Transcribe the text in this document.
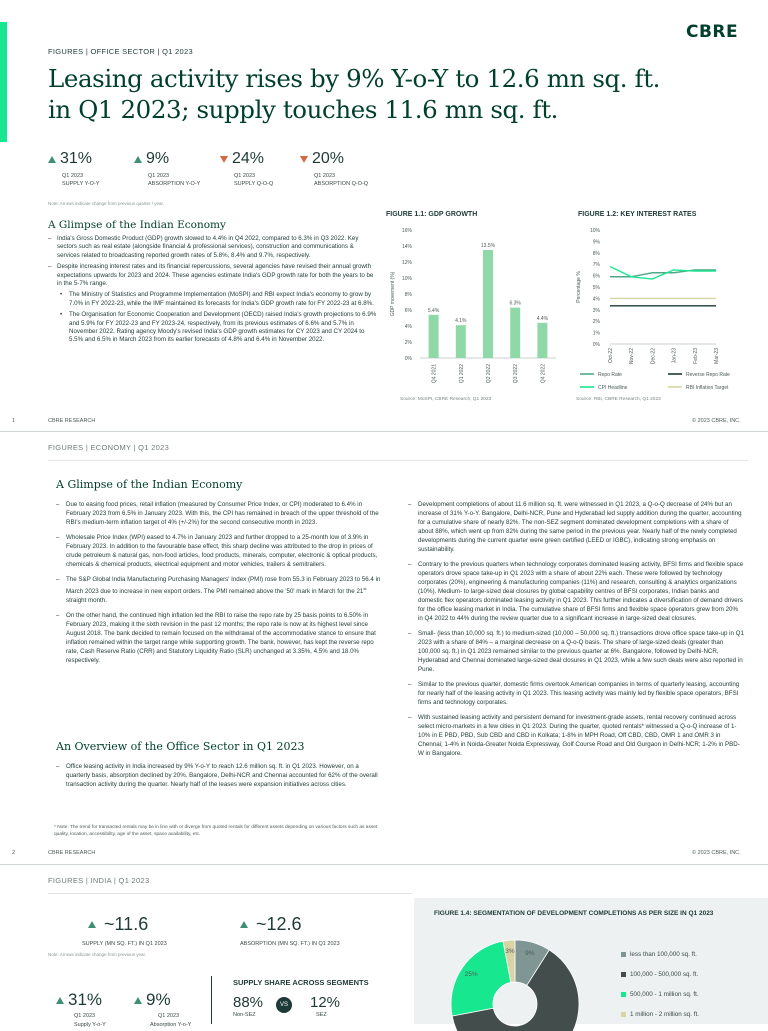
FIGURES | OFFICE SECTOR | Q1 2023
CBRE
Leasing activity rises by 9% Y-o-Y to 12.6 mn sq. ft.
in Q1 2023; supply touches 11.6 mn sq. ft.
31%
Q1 2023
SUPPLY Y-O-Y
9%
Q1 2023
ABSORPTION Y-O-Y
24%
Q1 2023
SUPPLY Q-O-Q
20%
Q1 2023
ABSORPTION Q-O-Q
Note: Arrows indicate change from previous quarter / year.
A Glimpse of the Indian Economy
– India's Gross Domestic Product (GDP) growth slowed to 4.4% in Q4 2022, compared to 6.3% in Q3 2022. Key sectors such as real estate (alongside financial & professional services), construction and communications & services related to broadcasting reported growth rates of 5.8%, 8.4% and 9.7%, respectively.
– Despite increasing interest rates and its financial repercussions, several agencies have revised their annual growth expectations upwards for 2023 and 2024. These agencies estimate India's GDP growth rate for both the years to be in the 5-7% range.
• The Ministry of Statistics and Programme Implementation (MoSPI) and RBI expect India's economy to grow by 7.0% in FY 2022-23, while the IMF maintained its forecasts for India's GDP growth rate for FY 2022-23 at 6.8%.
• The Organisation for Economic Cooperation and Development (OECD) raised India's growth projections to 6.9% and 5.9% for FY 2022-23 and FY 2023-24, respectively, from its previous estimates of 6.6% and 5.7% in November 2022. Rating agency Moody's revised India's GDP growth estimates for CY 2023 and CY 2024 to 5.5% and 6.5% in March 2023 from its earlier forecasts of 4.8% and 6.4% in November 2022.
FIGURE 1.1: GDP GROWTH
0%
2%
4%
6%
8%
10%
12%
14%
16%
GDP movement (%)	5.4%
Q4 2021
4.1%
Q1 2022
13.5%
Q2 2022
6.3%
Q3 2022
4.4%
Q4 2022
Source: MoSPI, CBRE Research, Q1 2023
FIGURE 1.2: KEY INTEREST RATES
0%
1%
2%
3%
4%
5%
6%
7%
8%
9%
10%
Percentage %
Oct-22	Nov-22	Dec-22	Jan-23	Feb-23	Mar-23
Repo Rate	Reverse Repo Rate
CPI Headline	RBI Inflation Target
Source: RBI, CBRE Research, Q1 2023
1	CBRE RESEARCH	© 2023 CBRE, INC.
FIGURES | ECONOMY | Q1 2023
A Glimpse of the Indian Economy
– Due to easing food prices, retail inflation (measured by Consumer Price Index, or CPI) moderated to 6.4% in February 2023 from 6.5% in January 2023. With this, the CPI has remained in breach of the upper threshold of the RBI's medium-term inflation target of 4% (+/-2%) for the second consecutive month in 2023.
– Wholesale Price Index (WPI) eased to 4.7% in January 2023 and further dropped to a 25-month low of 3.9% in February 2023. In addition to the favourable base effect, this sharp decline was attributed to the drop in prices of crude petroleum & natural gas, non-food articles, food products, minerals, computer, electronic & optical products, chemicals & chemical products, electrical equipment and motor vehicles, trailers & semitrailers.
– The S&P Global India Manufacturing Purchasing Managers' Index (PMI) rose from 55.3 in February 2023 to 56.4 in March 2023 due to increase in new export orders. The PMI remained above the '50' mark in March for the 21st straight month.
– On the other hand, the continued high inflation led the RBI to raise the repo rate by 25 basis points to 6.50% in February 2023, making it the sixth revision in the past 12 months; the repo rate is now at its highest level since August 2018. The bank decided to remain focused on the withdrawal of the accommodative stance to ensure that inflation remained within the target range while supporting growth. The bank, however, has kept the reverse repo rate, Cash Reserve Ratio (CRR) and Statutory Liquidity Ratio (SLR) unchanged at 3.35%, 4.5% and 18.0% respectively.
An Overview of the Office Sector in Q1 2023
– Office leasing activity in India increased by 9% Y-o-Y to reach 12.6 million sq. ft. in Q1 2023. However, on a quarterly basis, absorption declined by 20%. Bangalore, Delhi-NCR and Chennai accounted for 62% of the overall transaction activity during the quarter. Nearly half of the leases were expansion initiatives across cities.
– Development completions of about 11.6 million sq. ft. were witnessed in Q1 2023, a Q-o-Q decrease of 24% but an increase of 31% Y-o-Y. Bangalore, Delhi-NCR, Pune and Hyderabad led supply addition during the quarter, accounting for a cumulative share of nearly 82%. The non-SEZ segment dominated development completions with a share of about 88%, which went up from 82% during the same period in the previous year. Nearly half of the newly completed developments during the current quarter were green certified (LEED or IGBC), indicating strong emphasis on sustainability.
– Contrary to the previous quarters when technology corporates dominated leasing activity, BFSI firms and flexible space operators drove space take-up in Q1 2023 with a share of about 22% each. These were followed by technology corporates (20%), engineering & manufacturing companies (11%) and research, consulting & analytics organizations (10%). Medium- to large-sized deal closures by global capability centres of BFSI corporates, Indian banks and domestic flex operators dominated leasing activity in Q1 2023. This further indicates a diversification of demand drivers for the office leasing market in India. The cumulative share of BFSI firms and flexible space operators grew from 20% in Q4 2022 to 44% during the review quarter due to a significant increase in large-sized deal closures.
– Small- (less than 10,000 sq. ft.) to medium-sized (10,000 – 50,000 sq. ft.) transactions drove office space take-up in Q1 2023 with a share of 84% – a marginal decrease on a Q-o-Q basis. The share of large-sized deals (greater than 100,000 sq. ft.) in Q1 2023 remained similar to the previous quarter at 6%. Bangalore, followed by Delhi-NCR, Hyderabad and Chennai dominated large-sized deal closures in Q1 2023, while a few such deals were also reported in Pune.
– Similar to the previous quarter, domestic firms overtook American companies in terms of quarterly leasing, accounting for nearly half of the leasing activity in Q1 2023. This leasing activity was mainly led by flexible space operators, BFSI firms and technology corporates.
– With sustained leasing activity and persistent demand for investment-grade assets, rental recovery continued across select micro-markets in a few cities in Q1 2023. During the quarter, quoted rentals* witnessed a Q-o-Q increase of 1-10% in E PBD, PBD, Sub CBD and CBD in Kolkata; 1-8% in MPH Road, Off CBD, CBD, OMR 1 and OMR 3 in Chennai; 1-4% in Noida-Greater Noida Expressway, Golf Course Road and Old Gurgaon in Delhi-NCR; 1-2% in PBD-W in Bangalore.
* Note: The trend for transacted rentals may be in line with or diverge from quoted rentals for different assets depending on various factors such as asset quality, location, accessibility, age of the asset, space availability, etc.
2	CBRE RESEARCH	© 2023 CBRE, INC.
FIGURES | INDIA | Q1 2023
~11.6
SUPPLY (MN SQ. FT.) IN Q1 2023
~12.6
ABSORPTION (MN SQ. FT.) IN Q1 2023
Note: Arrows indicate change from previous year.
31%
Q1 2023
Supply Y-o-Y
9%
Q1 2023
Absorption Y-o-Y
SUPPLY SHARE ACROSS SEGMENTS
88%
Non-SEZ
VS 12%
SEZ
FIGURE 1.4: SEGMENTATION OF DEVELOPMENT COMPLETIONS AS PER SIZE IN Q1 2023
9%
25%
3%	less than 100,000 sq. ft.
100,000 - 500,000 sq. ft.
500,000 - 1 million sq. ft.
1 million - 2 million sq. ft.
